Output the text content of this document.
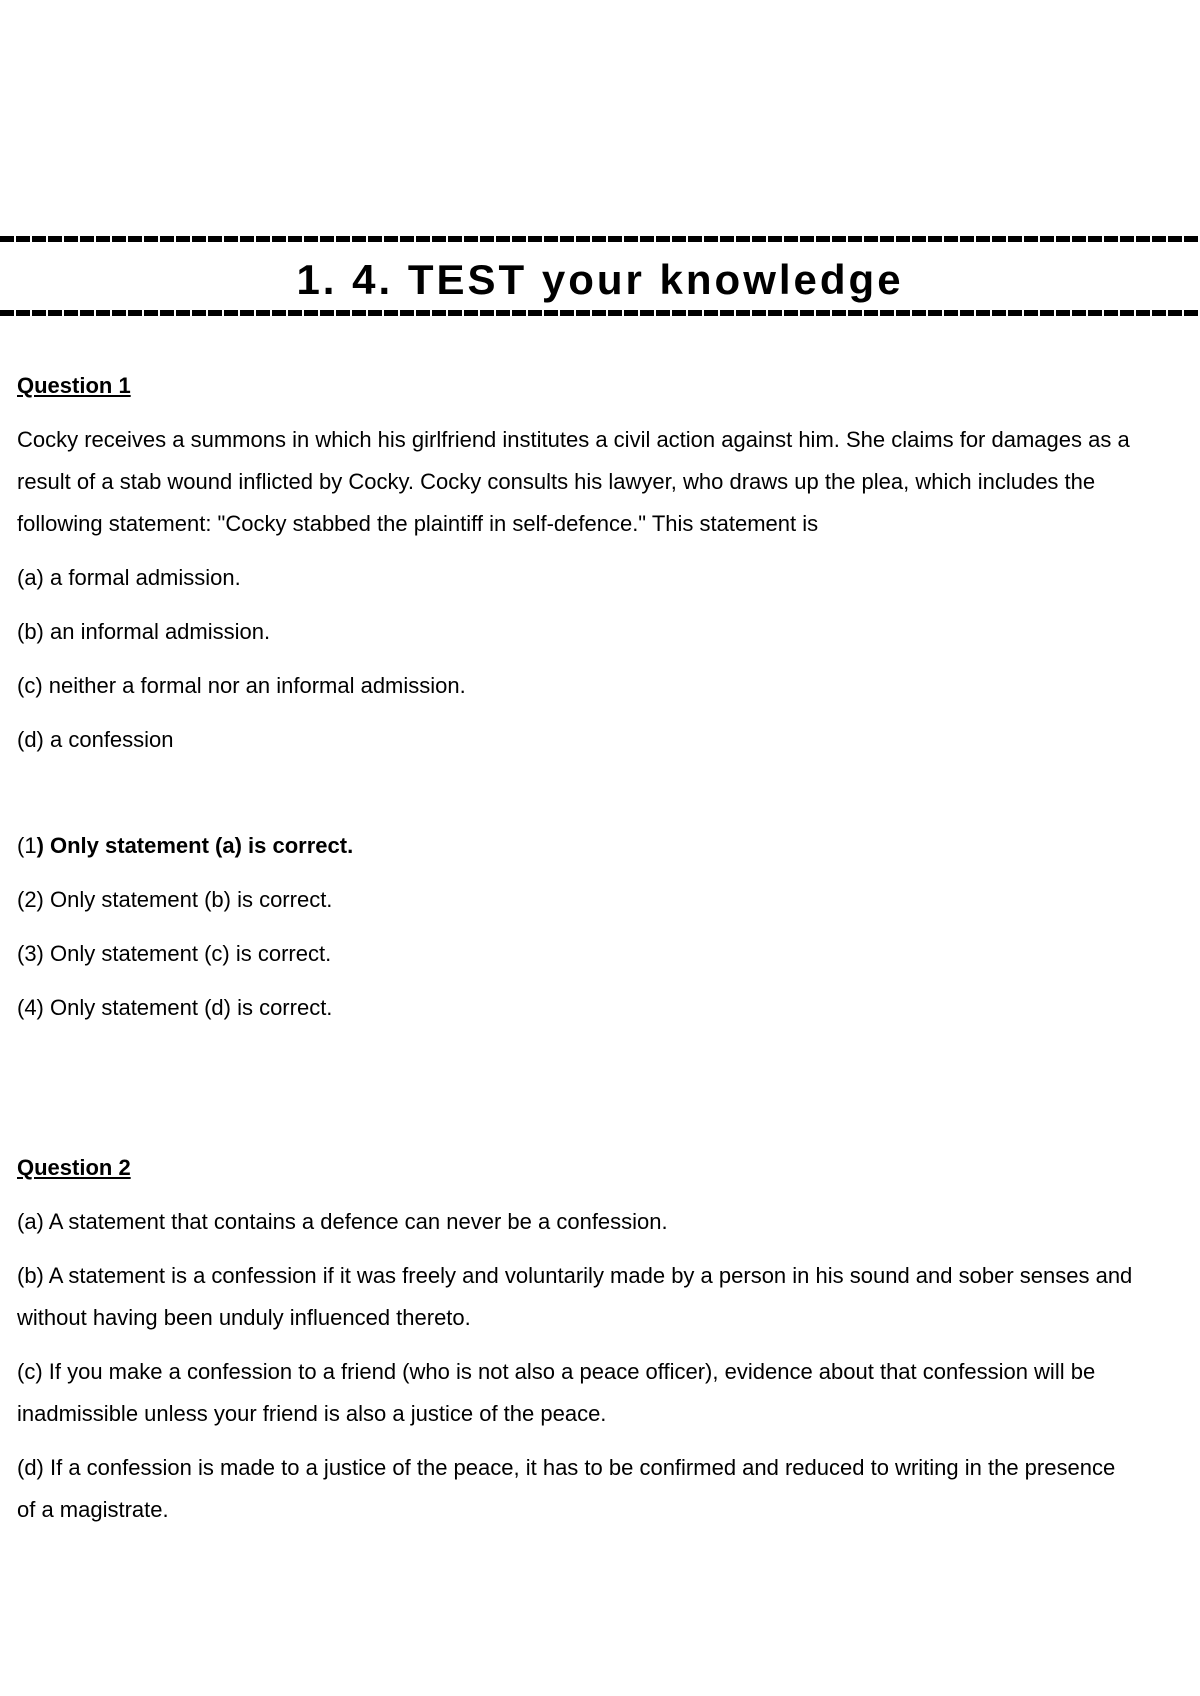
1. 4. TEST your knowledge
Question 1
Cocky receives a summons in which his girlfriend institutes a civil action against him. She claims for damages as a result of a stab wound inflicted by Cocky. Cocky consults his lawyer, who draws up the plea, which includes the following statement: "Cocky stabbed the plaintiff in self-defence." This statement is
(a) a formal admission.
(b) an informal admission.
(c) neither a formal nor an informal admission.
(d) a confession
(1) Only statement (a) is correct.
(2) Only statement (b) is correct.
(3) Only statement (c) is correct.
(4) Only statement (d) is correct.
Question 2
(a) A statement that contains a defence can never be a confession.
(b) A statement is a confession if it was freely and voluntarily made by a person in his sound and sober senses and without having been unduly influenced thereto.
(c) If you make a confession to a friend (who is not also a peace officer), evidence about that confession will be inadmissible unless your friend is also a justice of the peace.
(d) If a confession is made to a justice of the peace, it has to be confirmed and reduced to writing in the presence of a magistrate.
